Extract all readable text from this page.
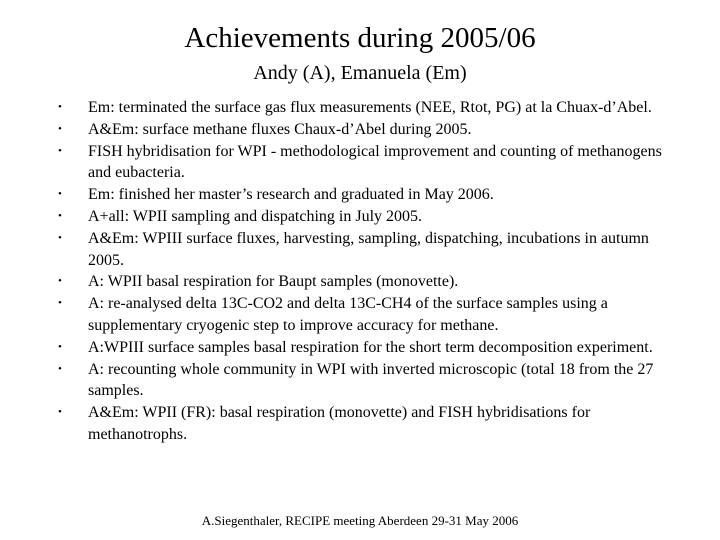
Achievements during 2005/06
Andy (A), Emanuela (Em)
• Em: terminated the surface gas flux measurements (NEE, Rtot, PG) at la Chuax-d’Abel.
• A&Em: surface methane fluxes Chaux-d’Abel during 2005.
• FISH hybridisation for WPI - methodological improvement and counting of methanogens and eubacteria.
• Em: finished her master’s research and graduated in May 2006.
• A+all: WPII sampling and dispatching in July 2005.
• A&Em: WPIII surface fluxes, harvesting, sampling, dispatching, incubations in autumn 2005.
• A: WPII basal respiration for Baupt samples (monovette).
• A: re-analysed delta 13C-CO2 and delta 13C-CH4 of the surface samples using a supplementary cryogenic step to improve accuracy for methane.
• A:WPIII surface samples basal respiration for the short term decomposition experiment.
• A: recounting whole community in WPI with inverted microscopic (total 18 from the 27 samples.
• A&Em: WPII (FR): basal respiration (monovette) and FISH hybridisations for methanotrophs.
A.Siegenthaler, RECIPE meeting Aberdeen 29-31 May 2006
